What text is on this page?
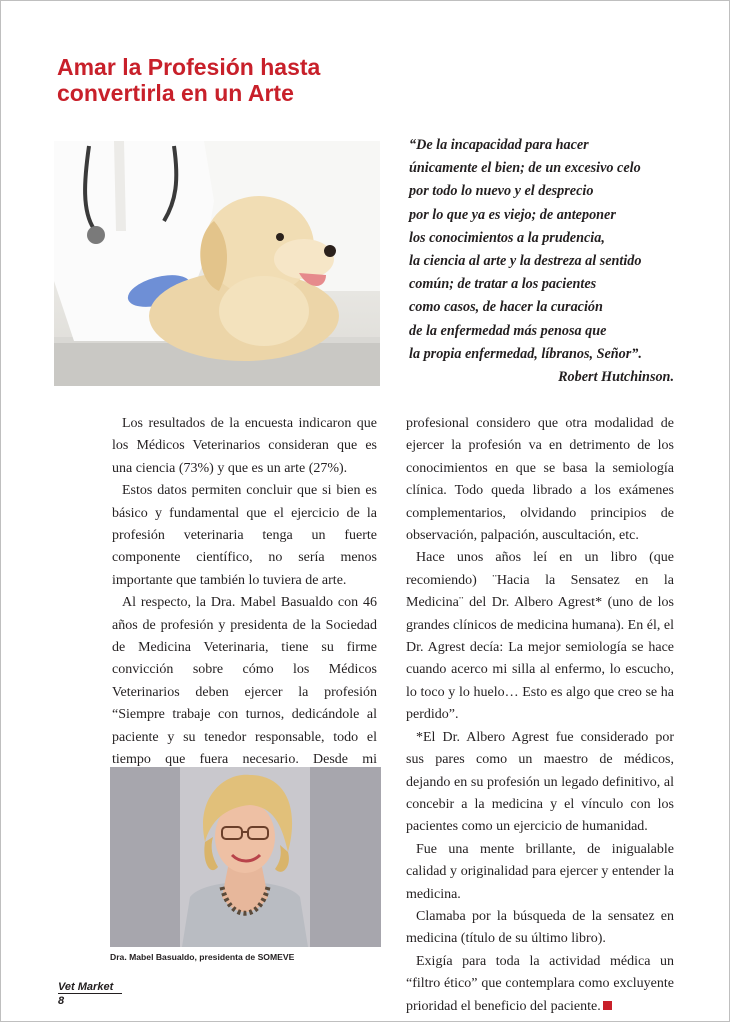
Amar la Profesión hasta convertirla en un Arte
“De la incapacidad para hacer
únicamente el bien; de un excesivo celo
por todo lo nuevo y el desprecio
por lo que ya es viejo; de anteponer
los conocimientos a la prudencia,
la ciencia al arte y la destreza al sentido
común; de tratar a los pacientes
como casos, de hacer la curación
de la enfermedad más penosa que
la propia enfermedad, líbranos, Señor”.
Robert Hutchinson.

Los resultados de la encuesta indicaron que los Médicos Veterinarios consideran que es una ciencia (73%) y que es un arte (27%).

Estos datos permiten concluir que si bien es básico y fundamental que el ejercicio de la profesión veterinaria tenga un fuerte componente científico, no sería menos importante que también lo tuviera de arte.

Al respecto, la Dra. Mabel Basualdo con 46 años de profesión y presidenta de la Sociedad de Medicina Veterinaria, tiene su firme convicción sobre cómo los Médicos Veterinarios deben ejercer la profesión “Siempre trabaje con turnos, dedicándole al paciente y su tenedor responsable, todo el tiempo que fuera necesario. Desde mi

profesional considero que otra modalidad de ejercer la profesión va en detrimento de los conocimientos en que se basa la semiología clínica. Todo queda librado a los exámenes complementarios, olvidando principios de observación, palpación, auscultación, etc.

Hace unos años leí en un libro (que recomiendo) ¨Hacia la Sensatez en la Medicina¨ del Dr. Albero Agrest* (uno de los grandes clínicos de medicina humana). En él, el Dr. Agrest decía: La mejor semiología se hace cuando acerco mi silla al enfermo, lo escucho, lo toco y lo huelo… Esto es algo que creo se ha perdido”.

*El Dr. Albero Agrest fue considerado por sus pares como un maestro de médicos, dejando en su profesión un legado definitivo, al concebir a la medicina y el vínculo con los pacientes como un ejercicio de humanidad.

Fue una mente brillante, de inigualable calidad y originalidad para ejercer y entender la medicina.

Clamaba por la búsqueda de la sensatez en medicina (título de su último libro).

Exigía para toda la actividad médica un “filtro ético” que contemplara como excluyente prioridad el beneficio del paciente.

Dra. Mabel Basualdo, presidenta de SOMEVE
Vet Market
8
